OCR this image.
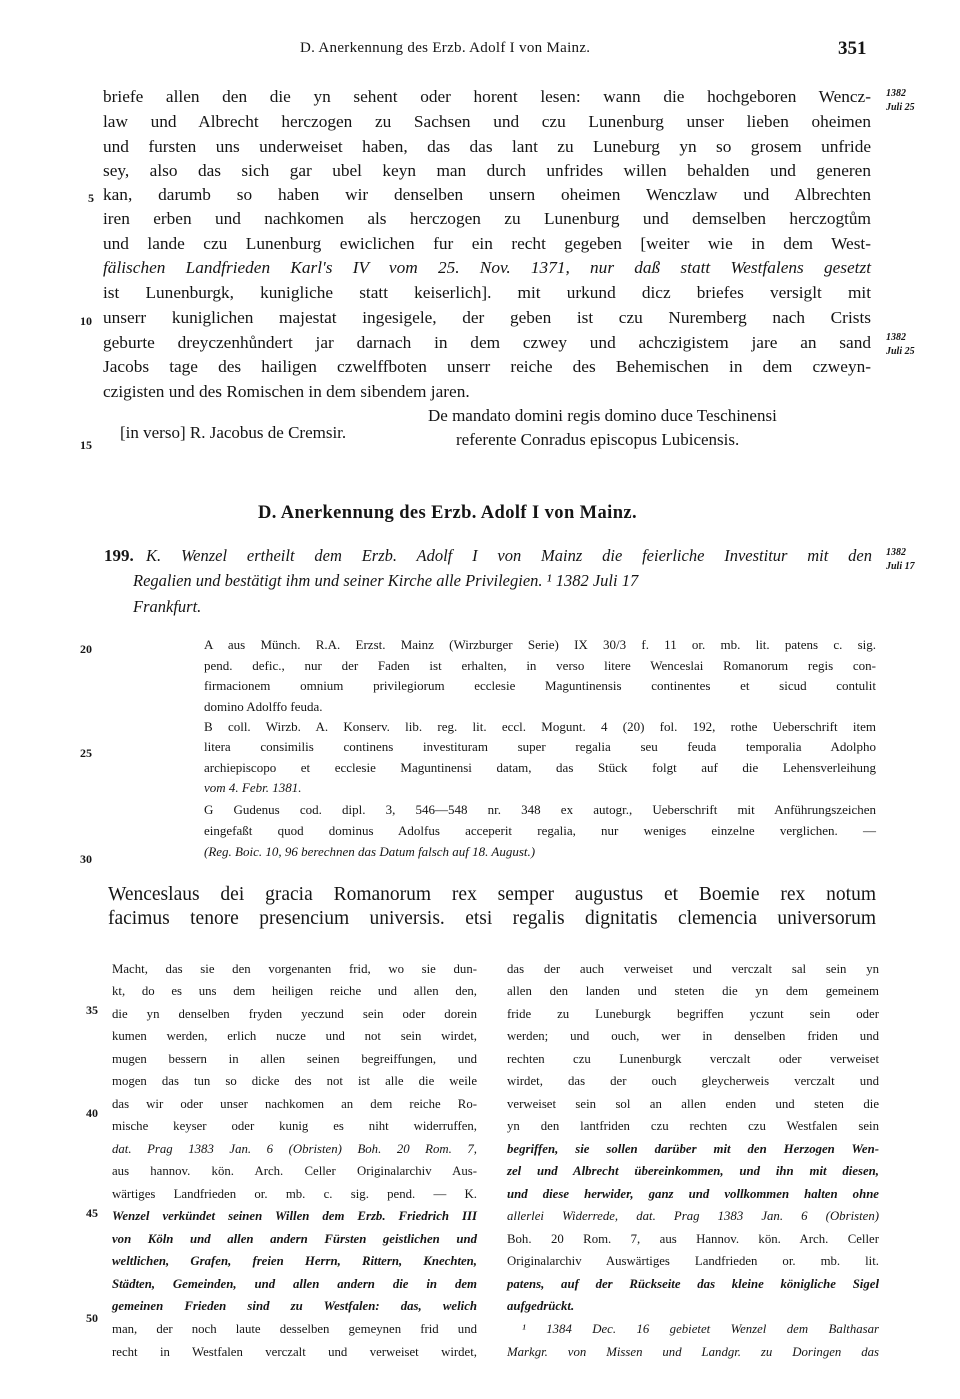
D. Anerkennung des Erzb. Adolf I von Mainz.	351
briefe allen den die yn sehent oder horent lesen: wann die hochgeboren Wencz-
law und Albrecht herczogen zu Sachsen und czu Lunenburg unser lieben oheimen
und fursten uns underweiset haben, das das lant zu Luneburg yn so grosem unfride
sey, also das sich gar ubel keyn man durch unfrides willen behalden und generen
kan, darumb so haben wir denselben unsern oheimen Wenczlaw und Albrechten
iren erben und nachkomen als herczogen zu Lunenburg und demselben herczogtům
und lande czu Lunenburg ewiclichen fur ein recht gegeben [weiter wie in dem West-
fälischen Landfrieden Karl's IV vom 25. Nov. 1371, nur daß statt Westfalens gesetzt
ist Lunenburgk, kunigliche statt keiserlich]. mit urkund dicz briefes versiglt mit
unserr kuniglichen majestat ingesigele, der geben ist czu Nuremberg nach Crists
geburte dreyczenhůndert jar darnach in dem czwey und achczigistem jare an sand
Jacobs tage des hailigen czwelffboten unserr reiche des Behemischen in dem czweyn-
czigisten und des Romischen in dem sibendem jaren.
5
10
15
20
25
30
35
40
45
50
1382
Juli 25
1382
Juli 25
1382
Juli 17
[in verso] R. Jacobus de Cremsir.
De mandato domini regis domino duce Teschinensi
referente Conradus episcopus Lubicensis.
D. Anerkennung des Erzb. Adolf I von Mainz.
199. K. Wenzel ertheilt dem Erzb. Adolf I von Mainz die feierliche Investitur mit den
Regalien und bestätigt ihm und seiner Kirche alle Privilegien. ¹ 1382 Juli 17
Frankfurt.
A aus Münch. R.A. Erzst. Mainz (Wirzburger Serie) IX 30/3 f. 11 or. mb. lit. patens c. sig.
pend. defic., nur der Faden ist erhalten, in verso litere Wenceslai Romanorum regis con-
firmacionem omnium privilegiorum ecclesie Maguntinensis continentes et sicud contulit
domino Adolffo feuda.
B coll. Wirzb. A. Konserv. lib. reg. lit. eccl. Mogunt. 4 (20) fol. 192, rothe Ueberschrift item
litera consimilis continens investituram super regalia seu feuda temporalia Adolpho
archiepiscopo et ecclesie Maguntinensi datam, das Stück folgt auf die Lehensverleihung
vom 4. Febr. 1381.
G Gudenus cod. dipl. 3, 546—548 nr. 348 ex autogr., Ueberschrift mit Anführungszeichen
eingefaßt quod dominus Adolfus acceperit regalia, nur weniges einzelne verglichen. —
(Reg. Boic. 10, 96 berechnen das Datum falsch auf 18. August.)
Wenceslaus dei gracia Romanorum rex semper augustus et Boemie rex notum
facimus tenore presencium universis. etsi regalis dignitatis clemencia universorum
Macht, das sie den vorgenanten frid, wo sie dun-
kt, do es uns dem heiligen reiche und allen den,
die yn denselben fryden yeczund sein oder dorein
kumen werden, erlich nucze und not sein wirdet,
mugen bessern in allen seinen begreiffungen, und
mogen das tun so dicke des not ist alle die weile
das wir oder unser nachkomen an dem reiche Ro-
mische keyser oder kunig es niht widerruffen,
dat. Prag 1383 Jan. 6 (Obristen) Boh. 20 Rom. 7,
aus hannov. kön. Arch. Celler Originalarchiv Aus-
wärtiges Landfrieden or. mb. c. sig. pend. — K.
Wenzel verkündet seinen Willen dem Erzb. Friedrich III
von Köln und allen andern Fürsten geistlichen und
weltlichen, Grafen, freien Herrn, Rittern, Knechten,
Städten, Gemeinden, und allen andern die in dem
gemeinen Frieden sind zu Westfalen: das, welich
man, der noch laute desselben gemeynen frid und
recht in Westfalen verczalt und verweiset wirdet,
das der auch verweiset und verczalt sal sein yn
allen den landen und steten die yn dem gemeinem
fride zu Luneburgk begriffen yczunt sein oder
werden; und ouch, wer in denselben friden und
rechten czu Lunenburgk verczalt oder verweiset
wirdet, das der ouch gleycherweis verczalt und
verweiset sein sol an allen enden und steten die
yn den lantfriden czu rechten czu Westfalen sein
begriffen, sie sollen darüber mit den Herzogen Wen-
zel und Albrecht übereinkommen, und ihn mit diesen,
und diese herwider, ganz und vollkommen halten ohne
allerlei Widerrede, dat. Prag 1383 Jan. 6 (Obristen)
Boh. 20 Rom. 7, aus Hannov. kön. Arch. Celler
Originalarchiv Auswärtiges Landfrieden or. mb. lit.
patens, auf der Rückseite das kleine königliche Sigel
aufgedrückt.
¹ 1384 Dec. 16 gebietet Wenzel dem Balthasar
Markgr. von Missen und Landgr. zu Doringen das
